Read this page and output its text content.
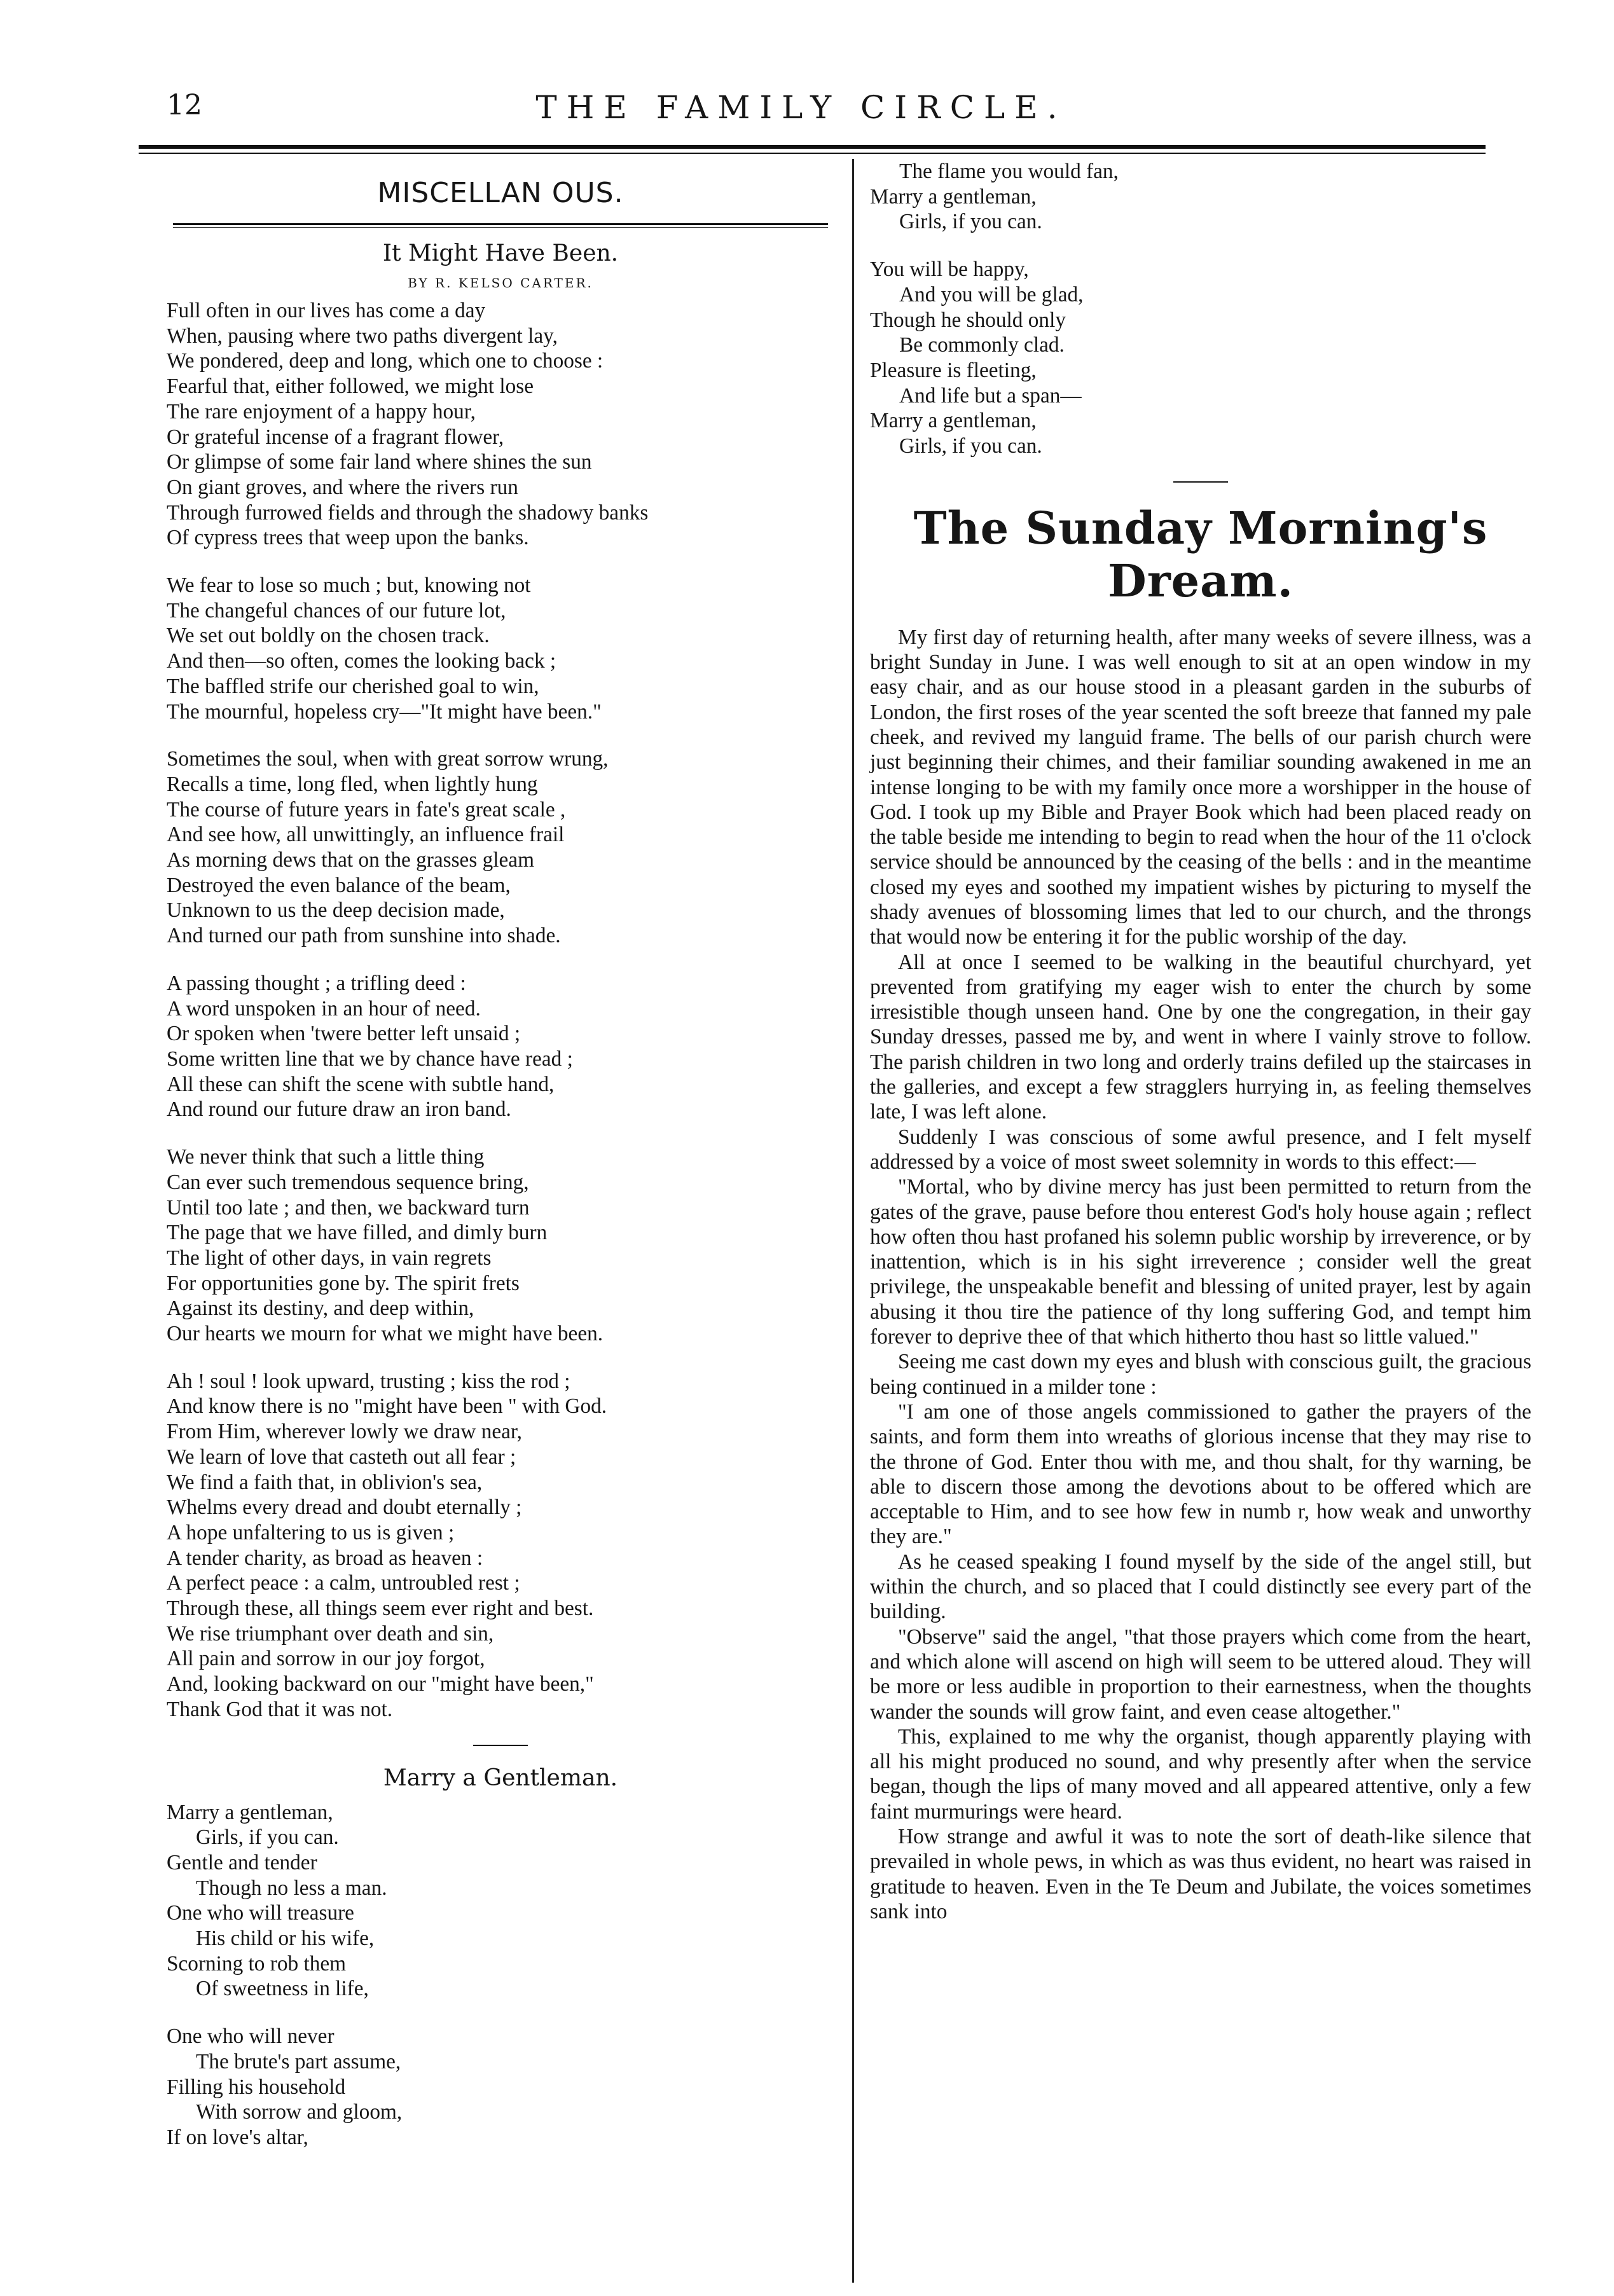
12	THE FAMILY CIRCLE.
MISCELLAN OUS.
It Might Have Been.
BY R. KELSO CARTER.
Full often in our lives has come a day
When, pausing where two paths divergent lay,
We pondered, deep and long, which one to choose :
Fearful that, either followed, we might lose
The rare enjoyment of a happy hour,
Or grateful incense of a fragrant flower,
Or glimpse of some fair land where shines the sun
On giant groves, and where the rivers run
Through furrowed fields and through the shadowy banks
Of cypress trees that weep upon the banks.
We fear to lose so much ; but, knowing not
The changeful chances of our future lot,
We set out boldly on the chosen track.
And then—so often, comes the looking back ;
The baffled strife our cherished goal to win,
The mournful, hopeless cry—"It might have been."
Sometimes the soul, when with great sorrow wrung,
Recalls a time, long fled, when lightly hung
The course of future years in fate's great scale ,
And see how, all unwittingly, an influence frail
As morning dews that on the grasses gleam
Destroyed the even balance of the beam,
Unknown to us the deep decision made,
And turned our path from sunshine into shade.
A passing thought ; a trifling deed :
A word unspoken in an hour of need.
Or spoken when 'twere better left unsaid ;
Some written line that we by chance have read ;
All these can shift the scene with subtle hand,
And round our future draw an iron band.
We never think that such a little thing
Can ever such tremendous sequence bring,
Until too late ; and then, we backward turn
The page that we have filled, and dimly burn
The light of other days, in vain regrets
For opportunities gone by. The spirit frets
Against its destiny, and deep within,
Our hearts we mourn for what we might have been.
Ah ! soul ! look upward, trusting ; kiss the rod ;
And know there is no "might have been " with God.
From Him, wherever lowly we draw near,
We learn of love that casteth out all fear ;
We find a faith that, in oblivion's sea,
Whelms every dread and doubt eternally ;
A hope unfaltering to us is given ;
A tender charity, as broad as heaven :
A perfect peace : a calm, untroubled rest ;
Through these, all things seem ever right and best.
We rise triumphant over death and sin,
All pain and sorrow in our joy forgot,
And, looking backward on our "might have been,"
Thank God that it was not.
Marry a Gentleman.
Marry a gentleman,
Girls, if you can.
Gentle and tender
Though no less a man.
One who will treasure
His child or his wife,
Scorning to rob them
Of sweetness in life,
One who will never
The brute's part assume,
Filling his household
With sorrow and gloom,
If on love's altar,
The flame you would fan,
Marry a gentleman,
Girls, if you can.
You will be happy,
And you will be glad,
Though he should only
Be commonly clad.
Pleasure is fleeting,
And life but a span—
Marry a gentleman,
Girls, if you can.
The Sunday Morning's Dream.

My first day of returning health, after many weeks of severe illness, was a bright Sunday in June. I was well enough to sit at an open window in my easy chair, and as our house stood in a pleasant garden in the suburbs of London, the first roses of the year scented the soft breeze that fanned my pale cheek, and revived my languid frame. The bells of our parish church were just beginning their chimes, and their familiar sounding awakened in me an intense longing to be with my family once more a worshipper in the house of God. I took up my Bible and Prayer Book which had been placed ready on the table beside me intending to begin to read when the hour of the 11 o'clock service should be announced by the ceasing of the bells : and in the meantime closed my eyes and soothed my impatient wishes by picturing to myself the shady avenues of blossoming limes that led to our church, and the throngs that would now be entering it for the public worship of the day.

All at once I seemed to be walking in the beautiful churchyard, yet prevented from gratifying my eager wish to enter the church by some irresistible though unseen hand. One by one the congregation, in their gay Sunday dresses, passed me by, and went in where I vainly strove to follow. The parish children in two long and orderly trains defiled up the staircases in the galleries, and except a few stragglers hurrying in, as feeling themselves late, I was left alone.

Suddenly I was conscious of some awful presence, and I felt myself addressed by a voice of most sweet solemnity in words to this effect:—

"Mortal, who by divine mercy has just been permitted to return from the gates of the grave, pause before thou enterest God's holy house again ; reflect how often thou hast profaned his solemn public worship by irreverence, or by inattention, which is in his sight irreverence ; consider well the great privilege, the unspeakable benefit and blessing of united prayer, lest by again abusing it thou tire the patience of thy long suffering God, and tempt him forever to deprive thee of that which hitherto thou hast so little valued."

Seeing me cast down my eyes and blush with conscious guilt, the gracious being continued in a milder tone :

"I am one of those angels commissioned to gather the prayers of the saints, and form them into wreaths of glorious incense that they may rise to the throne of God. Enter thou with me, and thou shalt, for thy warning, be able to discern those among the devotions about to be offered which are acceptable to Him, and to see how few in numb r, how weak and unworthy they are."

As he ceased speaking I found myself by the side of the angel still, but within the church, and so placed that I could distinctly see every part of the building.

"Observe" said the angel, "that those prayers which come from the heart, and which alone will ascend on high will seem to be uttered aloud. They will be more or less audible in proportion to their earnestness, when the thoughts wander the sounds will grow faint, and even cease altogether."

This, explained to me why the organist, though apparently playing with all his might produced no sound, and why presently after when the service began, though the lips of many moved and all appeared attentive, only a few faint murmurings were heard.

How strange and awful it was to note the sort of death-like silence that prevailed in whole pews, in which as was thus evident, no heart was raised in gratitude to heaven. Even in the Te Deum and Jubilate, the voices sometimes sank into
